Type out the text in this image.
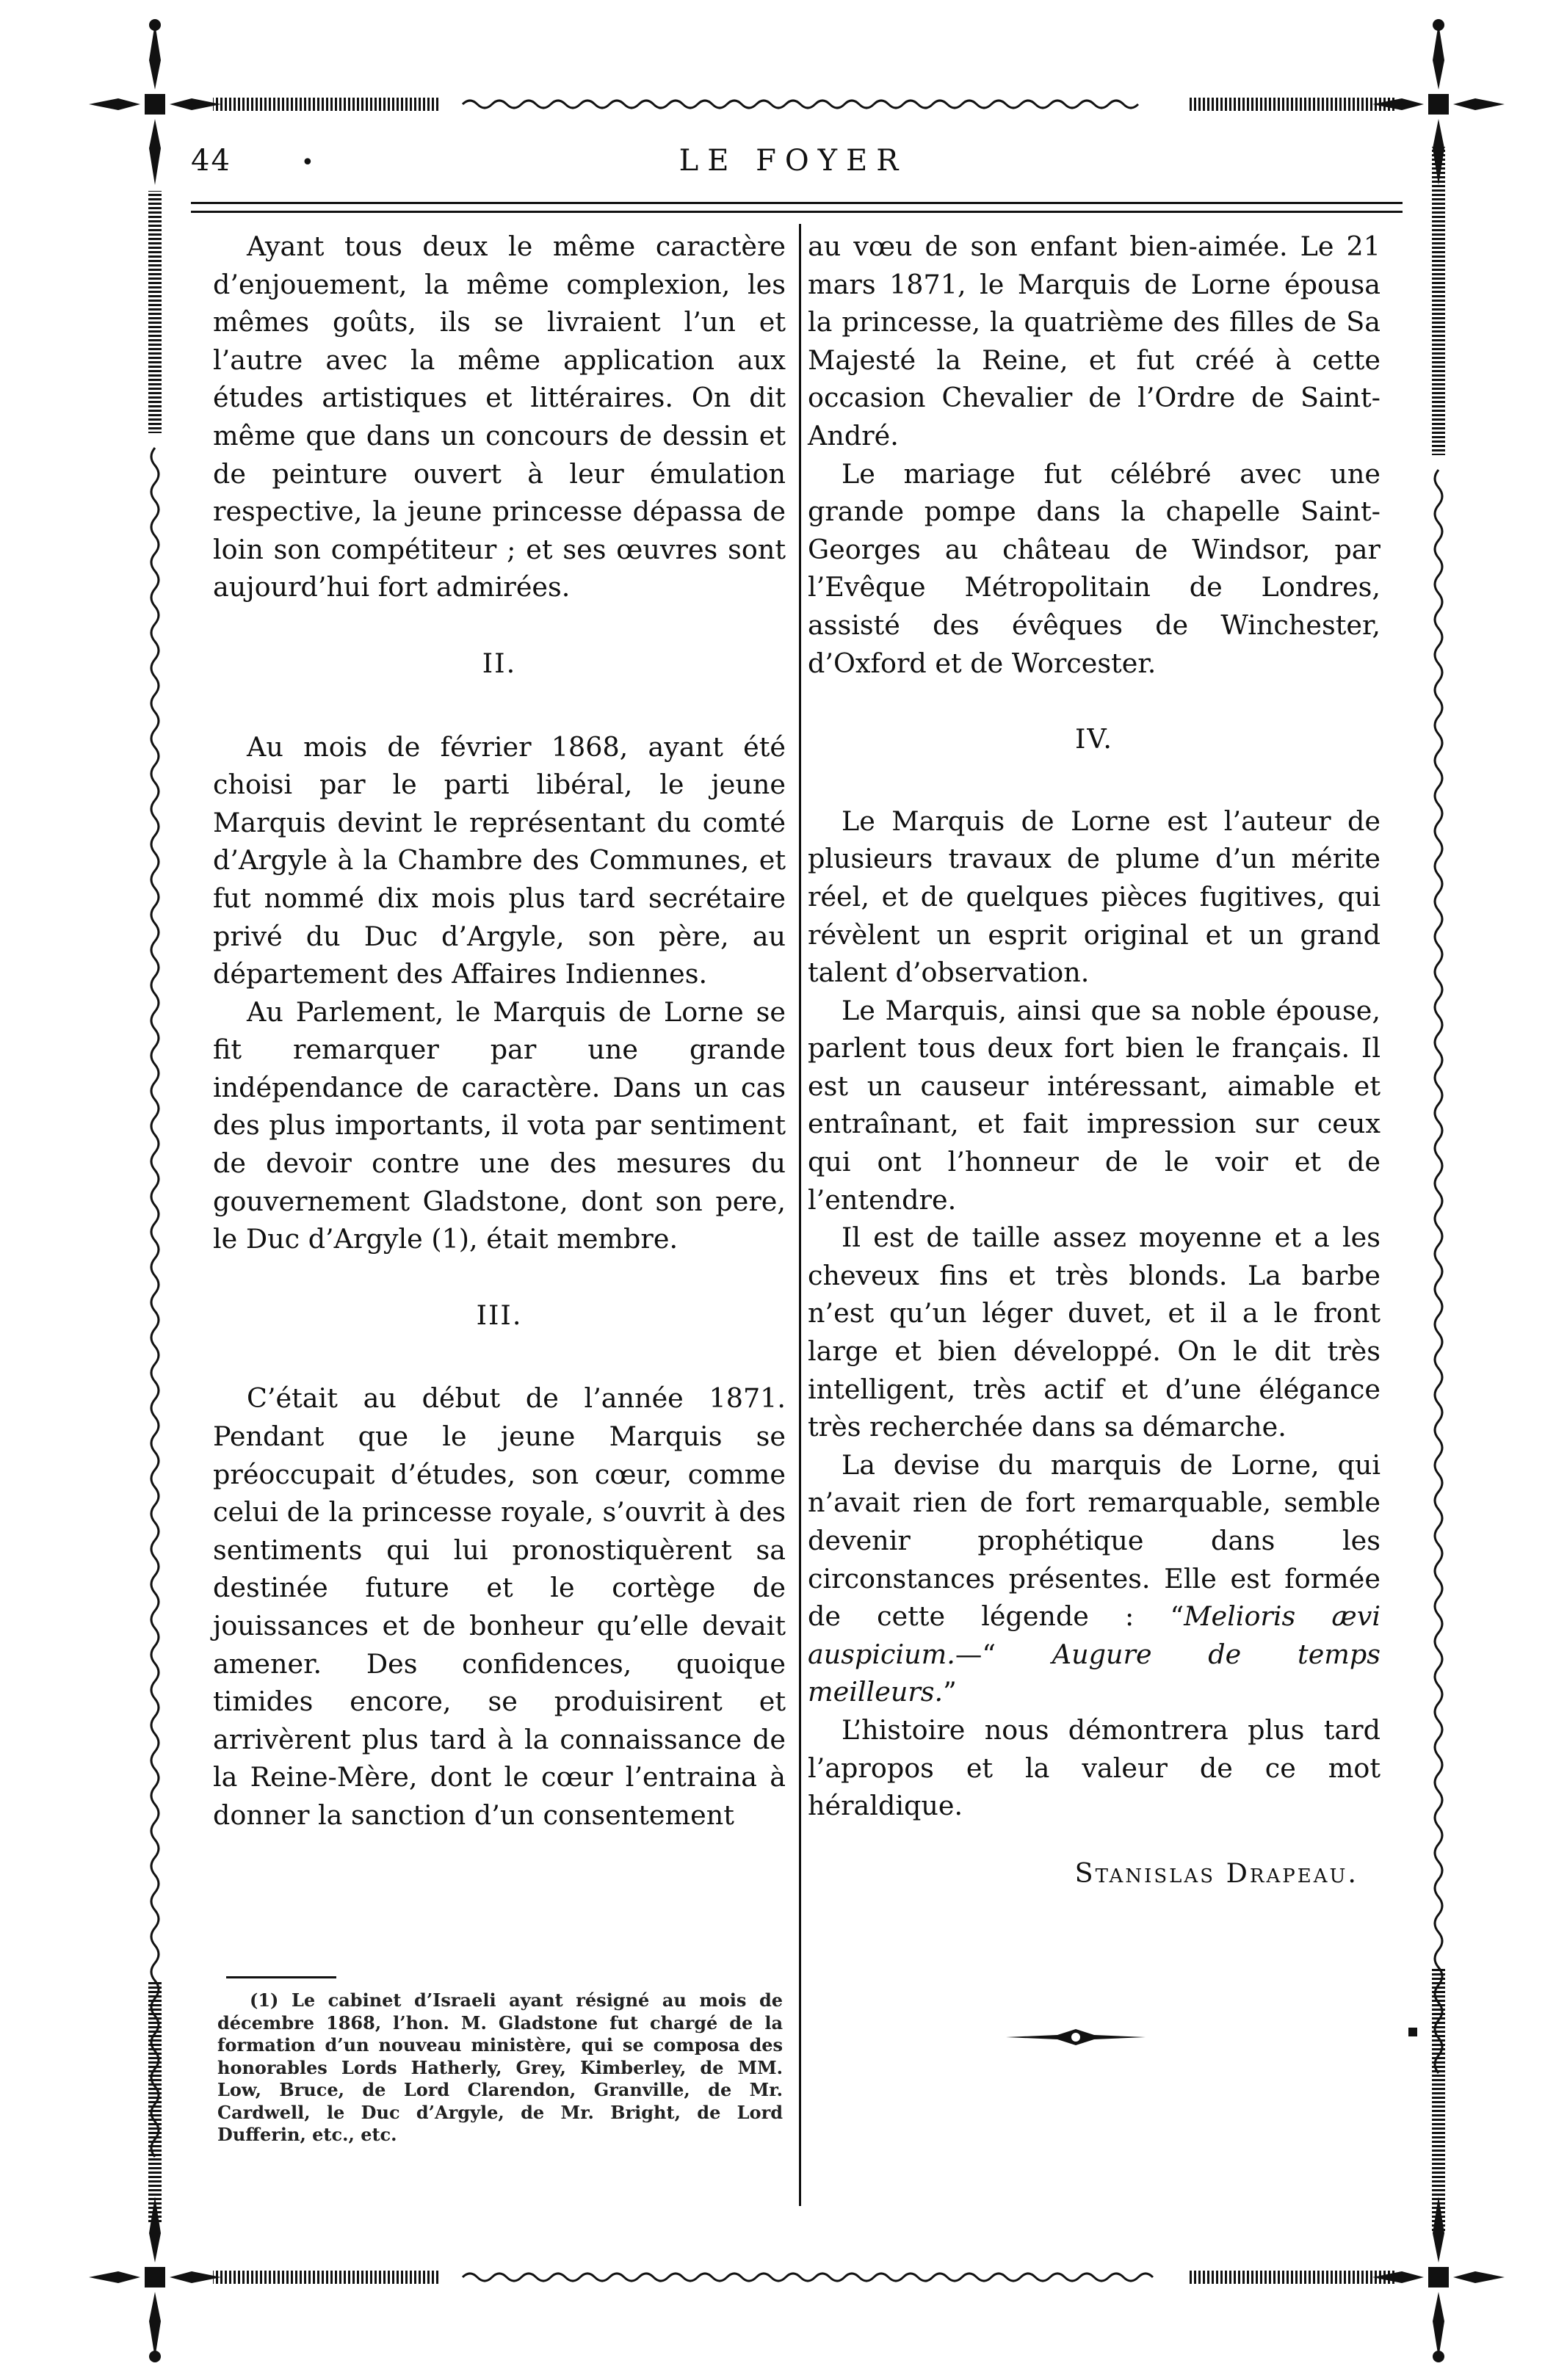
44	•	LE FOYER

Ayant tous deux le même caractère d’enjouement, la même complexion, les mêmes goûts, ils se livraient l’un et l’autre avec la même application aux études artistiques et littéraires. On dit même que dans un concours de dessin et de peinture ouvert à leur émulation respective, la jeune princesse dépassa de loin son compétiteur ; et ses œuvres sont aujourd’hui fort admirées.

II.

Au mois de février 1868, ayant été choisi par le parti libéral, le jeune Marquis devint le représentant du comté d’Argyle à la Chambre des Communes, et fut nommé dix mois plus tard secrétaire privé du Duc d’Argyle, son père, au département des Affaires Indiennes.

Au Parlement, le Marquis de Lorne se fit remarquer par une grande indépendance de caractère. Dans un cas des plus importants, il vota par sentiment de devoir contre une des mesures du gouvernement Gladstone, dont son pere, le Duc d’Argyle (1), était membre.

III.

C’était au début de l’année 1871. Pendant que le jeune Marquis se préoccupait d’études, son cœur, comme celui de la princesse royale, s’ouvrit à des sentiments qui lui pronostiquèrent sa destinée future et le cortège de jouissances et de bonheur qu’elle devait amener. Des confidences, quoique timides encore, se produisirent et arrivèrent plus tard à la connaissance de la Reine-Mère, dont le cœur l’entraina à donner la sanction d’un consentement

(1) Le cabinet d’Israeli ayant résigné au mois de décembre 1868, l’hon. M. Gladstone fut chargé de la formation d’un nouveau ministère, qui se composa des honorables Lords Hatherly, Grey, Kimberley, de MM. Low, Bruce, de Lord Clarendon, Granville, de Mr. Cardwell, le Duc d’Argyle, de Mr. Bright, de Lord Dufferin, etc., etc.

au vœu de son enfant bien-aimée. Le 21 mars 1871, le Marquis de Lorne épousa la princesse, la quatrième des filles de Sa Majesté la Reine, et fut créé à cette occasion Chevalier de l’Ordre de Saint-André.

Le mariage fut célébré avec une grande pompe dans la chapelle Saint-Georges au château de Windsor, par l’Evêque Métropolitain de Londres, assisté des évêques de Winchester, d’Oxford et de Worcester.

IV.

Le Marquis de Lorne est l’auteur de plusieurs travaux de plume d’un mérite réel, et de quelques pièces fugitives, qui révèlent un esprit original et un grand talent d’observation.

Le Marquis, ainsi que sa noble épouse, parlent tous deux fort bien le français. Il est un causeur intéressant, aimable et entraînant, et fait impression sur ceux qui ont l’honneur de le voir et de l’entendre.

Il est de taille assez moyenne et a les cheveux fins et très blonds. La barbe n’est qu’un léger duvet, et il a le front large et bien développé. On le dit très intelligent, très actif et d’une élégance très recherchée dans sa démarche.

La devise du marquis de Lorne, qui n’avait rien de fort remarquable, semble devenir prophétique dans les circonstances présentes. Elle est formée de cette légende : “Melioris ævi auspicium.—“ Augure de temps meilleurs.”

L’histoire nous démontrera plus tard l’apropos et la valeur de ce mot héraldique.

Stanislas Drapeau.
